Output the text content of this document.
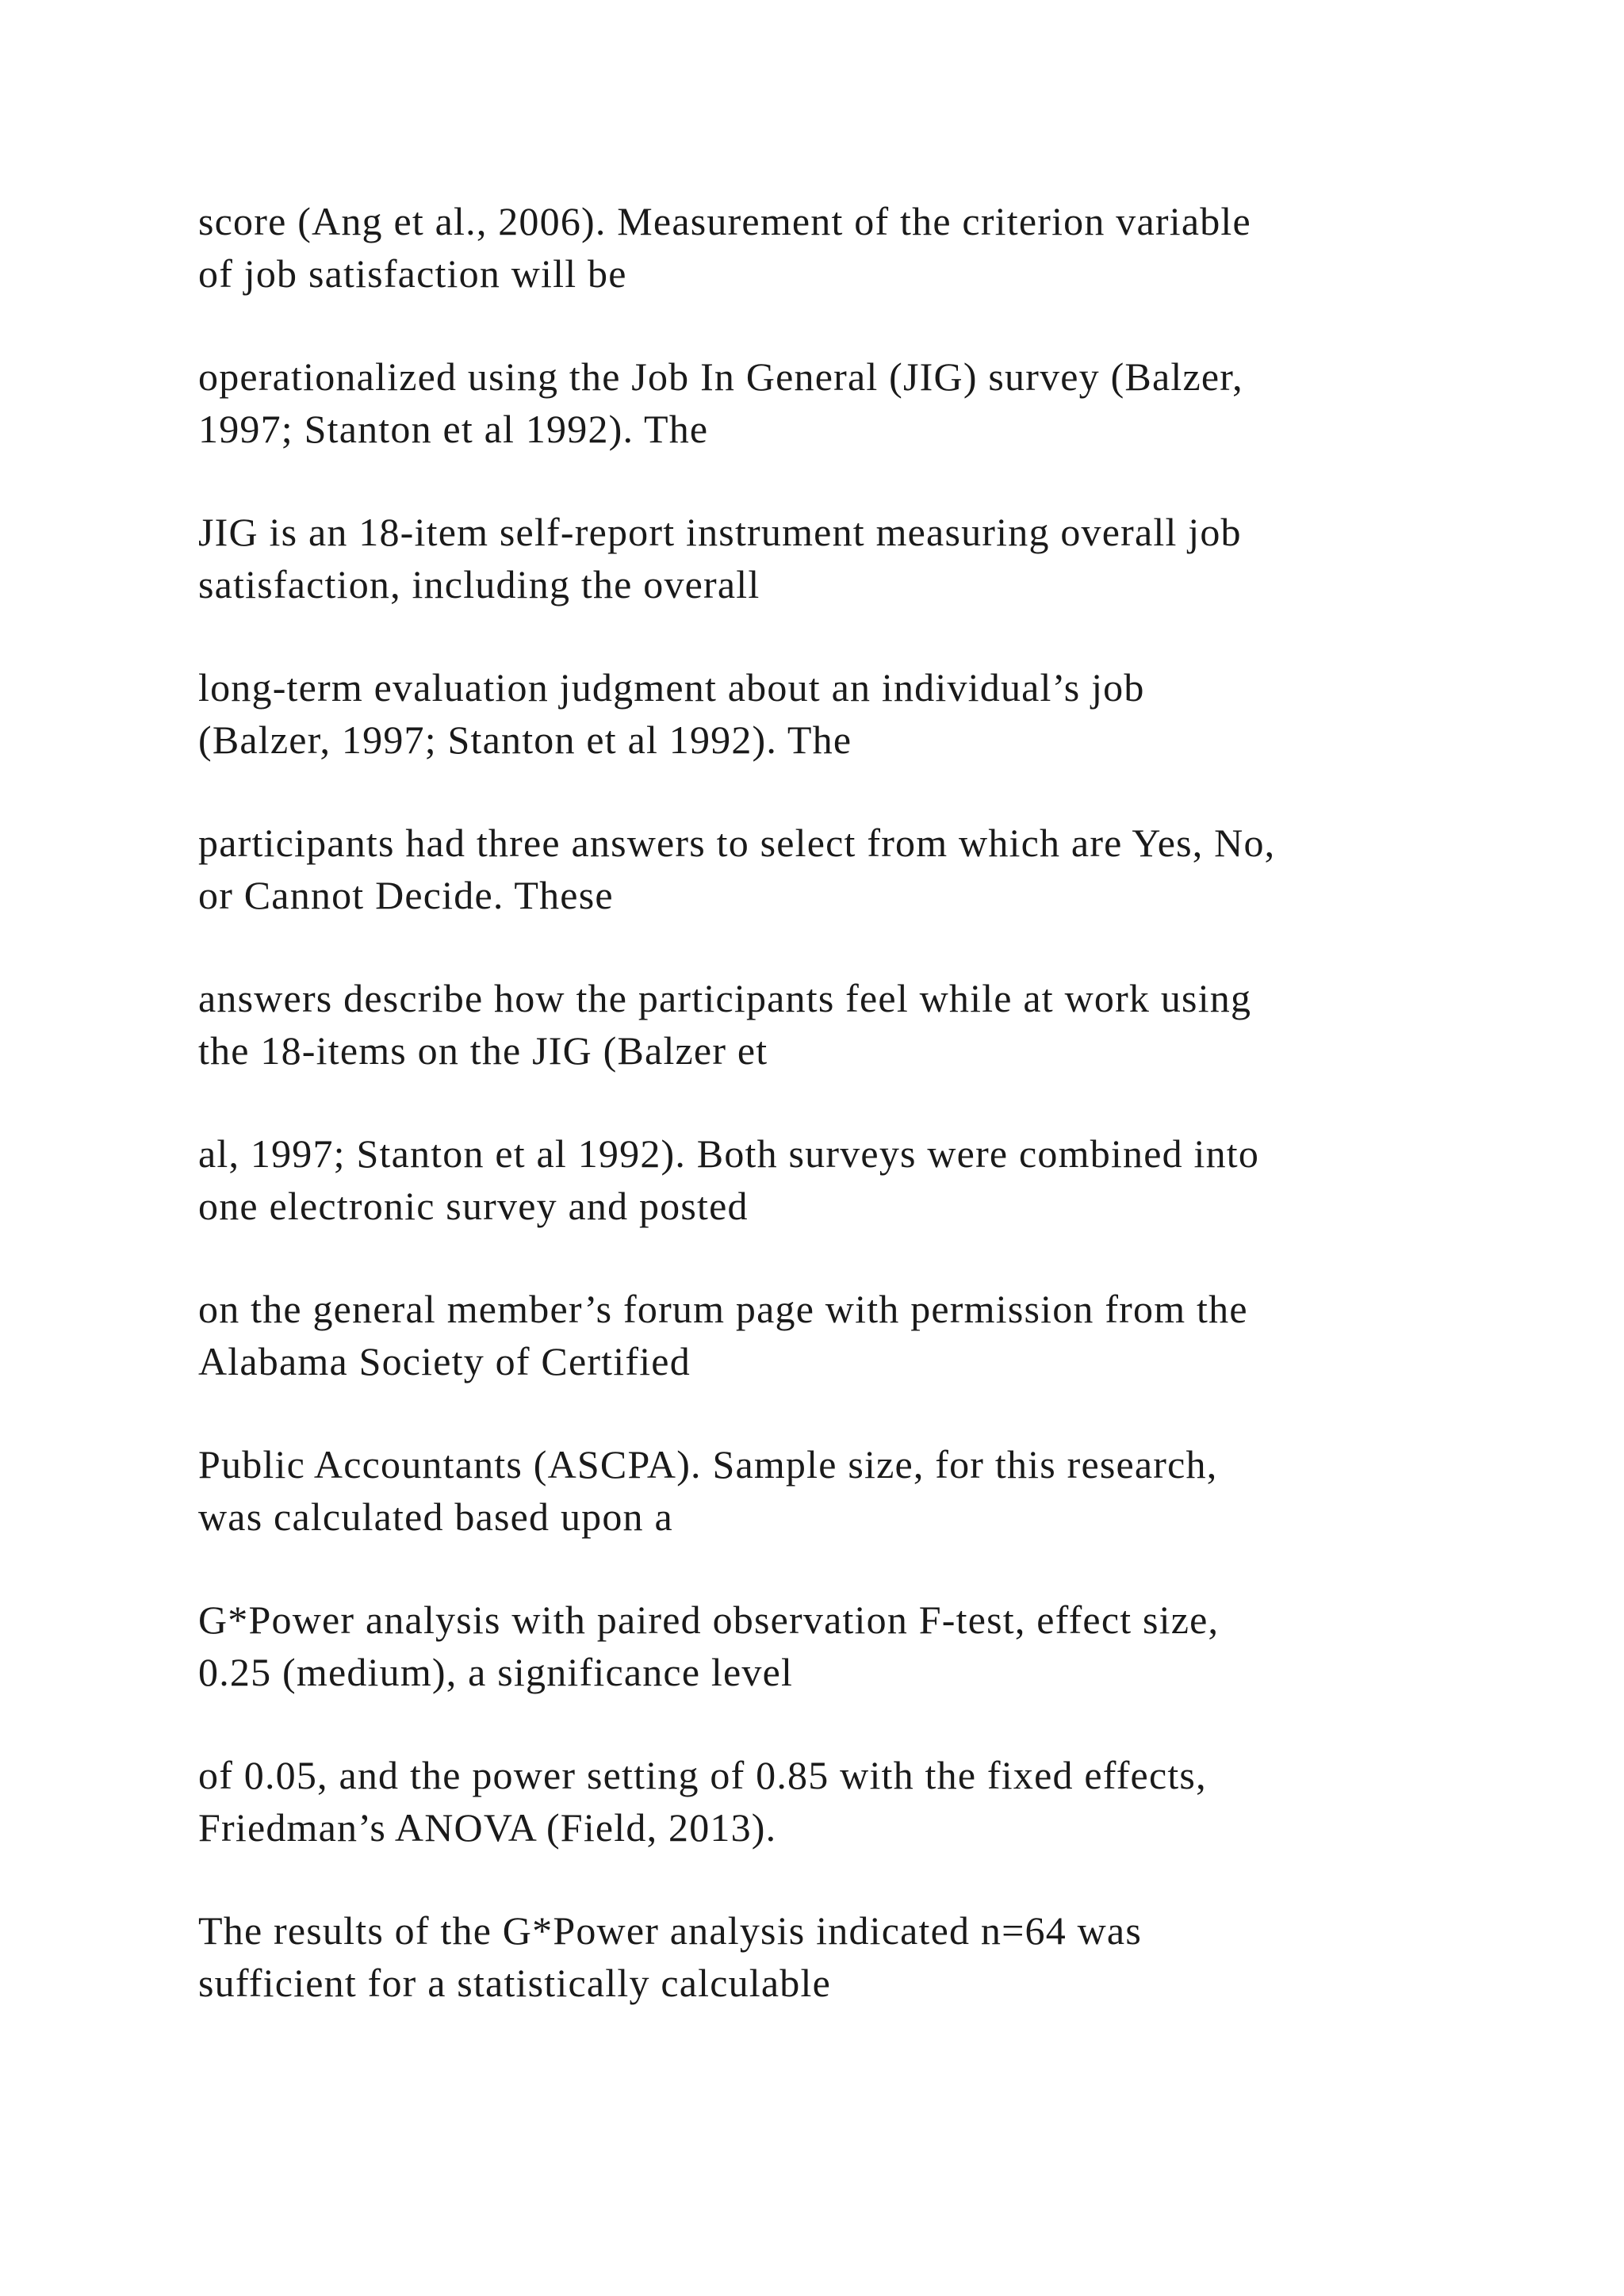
score (Ang et al., 2006). Measurement of the criterion variable
of job satisfaction will be

operationalized using the Job In General (JIG) survey (Balzer,
1997; Stanton et al 1992). The

JIG is an 18-item self-report instrument measuring overall job
satisfaction, including the overall

long-term evaluation judgment about an individual’s job
(Balzer, 1997; Stanton et al 1992). The

participants had three answers to select from which are Yes, No,
or Cannot Decide. These

answers describe how the participants feel while at work using
the 18-items on the JIG (Balzer et

al, 1997; Stanton et al 1992). Both surveys were combined into
one electronic survey and posted

on the general member’s forum page with permission from the
Alabama Society of Certified

Public Accountants (ASCPA). Sample size, for this research,
was calculated based upon a

G*Power analysis with paired observation F-test, effect size,
0.25 (medium), a significance level

of 0.05, and the power setting of 0.85 with the fixed effects,
Friedman’s ANOVA (Field, 2013).

The results of the G*Power analysis indicated n=64 was
sufficient for a statistically calculable
